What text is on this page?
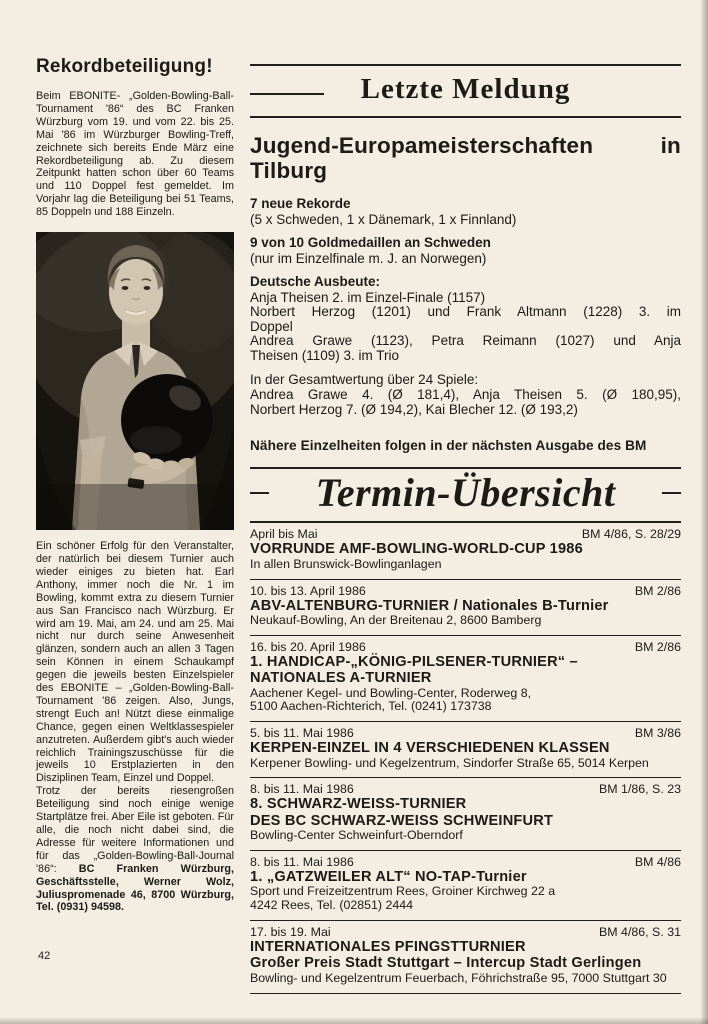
Rekordbeteiligung!

Beim EBONITE- „Golden-Bowling-Ball-Tournament '86“ des BC Franken Würzburg vom 19. und vom 22. bis 25. Mai '86 im Würzburger Bowling-Treff, zeichnete sich bereits Ende März eine Rekordbeteiligung ab. Zu diesem Zeitpunkt hatten schon über 60 Teams und 110 Doppel fest gemeldet. Im Vorjahr lag die Beteiligung bei 51 Teams, 85 Doppeln und 188 Einzeln.

Ein schöner Erfolg für den Veranstalter, der natürlich bei diesem Turnier auch wieder einiges zu bieten hat. Earl Anthony, immer noch die Nr. 1 im Bowling, kommt extra zu diesem Turnier aus San Francisco nach Würzburg. Er wird am 19. Mai, am 24. und am 25. Mai nicht nur durch seine Anwesenheit glänzen, sondern auch an allen 3 Tagen sein Können in einem Schaukampf gegen die jeweils besten Einzelspieler des EBONITE – „Golden-Bowling-Ball-Tournament '86 zeigen. Also, Jungs, strengt Euch an! Nützt diese einmalige Chance, gegen einen Weltklassespieler anzutreten. Außerdem gibt's auch wieder reichlich Trainingszuschüsse für die jeweils 10 Erstplazierten in den Disziplinen Team, Einzel und Doppel.

Trotz der bereits riesengroßen Beteiligung sind noch einige wenige Startplätze frei. Aber Eile ist geboten. Für alle, die noch nicht dabei sind, die Adresse für weitere Informationen und für das „Golden-Bowling-Ball-Journal '86“: BC Franken Würzburg, Geschäftsstelle, Werner Wolz, Juliuspromenade 46, 8700 Würzburg, Tel. (0931) 94598.

42
Letzte Meldung
Jugend-Europameisterschaften in Tilburg
7 neue Rekorde
(5 x Schweden, 1 x Dänemark, 1 x Finnland)
9 von 10 Goldmedaillen an Schweden
(nur im Einzelfinale m. J. an Norwegen)
Deutsche Ausbeute:
Anja Theisen 2. im Einzel-Finale (1157)
Norbert Herzog (1201) und Frank Altmann (1228) 3. im
Doppel
Andrea Grawe (1123), Petra Reimann (1027) und Anja
Theisen (1109) 3. im Trio
In der Gesamtwertung über 24 Spiele:
Andrea Grawe 4. (Ø 181,4), Anja Theisen 5. (Ø 180,95),
Norbert Herzog 7. (Ø 194,2), Kai Blecher 12. (Ø 193,2)
Nähere Einzelheiten folgen in der nächsten Ausgabe des BM
Termin-Übersicht
April bis Mai	BM 4/86, S. 28/29
VORRUNDE AMF-BOWLING-WORLD-CUP 1986
In allen Brunswick-Bowlinganlagen
10. bis 13. April 1986	BM 2/86
ABV-ALTENBURG-TURNIER / Nationales B-Turnier
Neukauf-Bowling, An der Breitenau 2, 8600 Bamberg
16. bis 20. April 1986	BM 2/86
1. HANDICAP-„KÖNIG-PILSENER-TURNIER“ –
NATIONALES A-TURNIER
Aachener Kegel- und Bowling-Center, Roderweg 8,
5100 Aachen-Richterich, Tel. (0241) 173738
5. bis 11. Mai 1986	BM 3/86
KERPEN-EINZEL IN 4 VERSCHIEDENEN KLASSEN
Kerpener Bowling- und Kegelzentrum, Sindorfer Straße 65, 5014 Kerpen
8. bis 11. Mai 1986	BM 1/86, S. 23
8. SCHWARZ-WEISS-TURNIER
DES BC SCHWARZ-WEISS SCHWEINFURT
Bowling-Center Schweinfurt-Oberndorf
8. bis 11. Mai 1986	BM 4/86
1. „GATZWEILER ALT“ NO-TAP-Turnier
Sport und Freizeitzentrum Rees, Groiner Kirchweg 22 a
4242 Rees, Tel. (02851) 2444
17. bis 19. Mai	BM 4/86, S. 31
INTERNATIONALES PFINGSTTURNIER
Großer Preis Stadt Stuttgart – Intercup Stadt Gerlingen
Bowling- und Kegelzentrum Feuerbach, Föhrichstraße 95, 7000 Stuttgart 30
